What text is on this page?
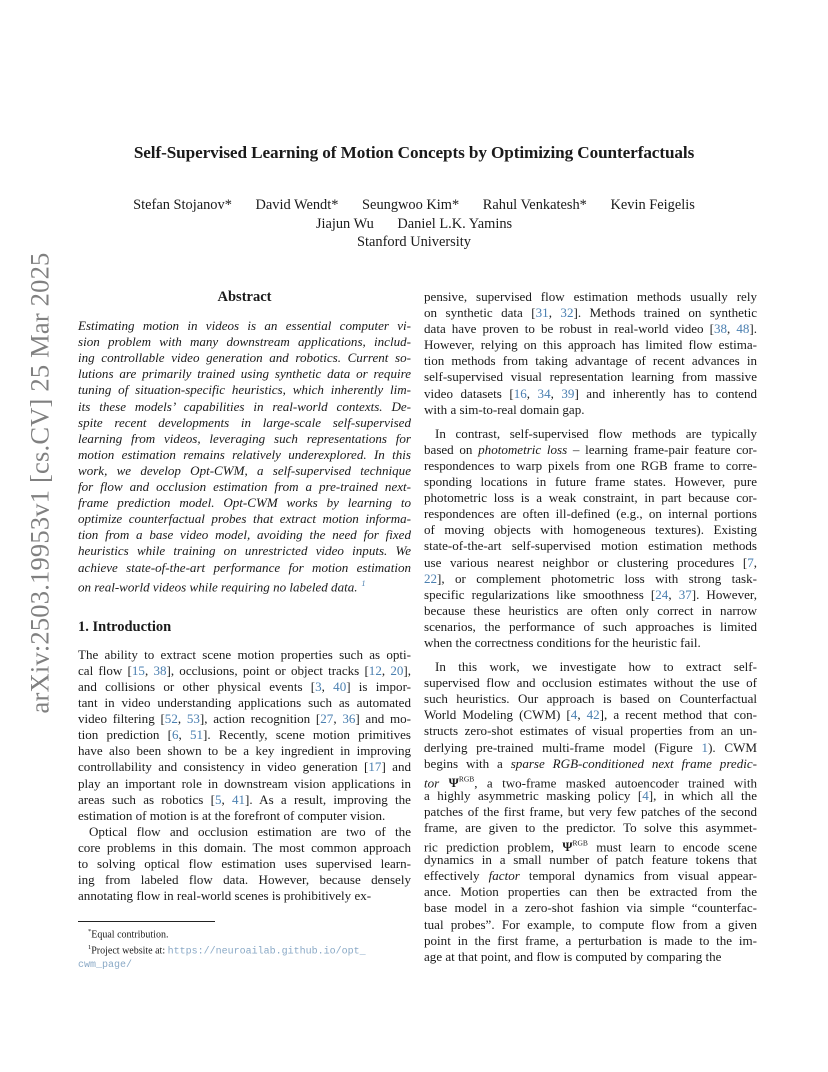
arXiv:2503.19953v1 [cs.CV] 25 Mar 2025
Self-Supervised Learning of Motion Concepts by Optimizing Counterfactuals
Stefan Stojanov* David Wendt* Seungwoo Kim* Rahul Venkatesh* Kevin Feigelis
Jiajun Wu Daniel L.K. Yamins
Stanford University
Abstract
Estimating motion in videos is an essential computer vi-
sion problem with many downstream applications, includ-
ing controllable video generation and robotics. Current so-
lutions are primarily trained using synthetic data or require
tuning of situation-specific heuristics, which inherently lim-
its these models’ capabilities in real-world contexts. De-
spite recent developments in large-scale self-supervised
learning from videos, leveraging such representations for
motion estimation remains relatively underexplored. In this
work, we develop Opt-CWM, a self-supervised technique
for flow and occlusion estimation from a pre-trained next-
frame prediction model. Opt-CWM works by learning to
optimize counterfactual probes that extract motion informa-
tion from a base video model, avoiding the need for fixed
heuristics while training on unrestricted video inputs. We
achieve state-of-the-art performance for motion estimation
on real-world videos while requiring no labeled data. $^1$
1. Introduction
The ability to extract scene motion properties such as opti-
cal flow [15, 38], occlusions, point or object tracks [12, 20],
and collisions or other physical events [3, 40] is impor-
tant in video understanding applications such as automated
video filtering [52, 53], action recognition [27, 36] and mo-
tion prediction [6, 51]. Recently, scene motion primitives
have also been shown to be a key ingredient in improving
controllability and consistency in video generation [17] and
play an important role in downstream vision applications in
areas such as robotics [5, 41]. As a result, improving the
estimation of motion is at the forefront of computer vision.
Optical flow and occlusion estimation are two of the
core problems in this domain. The most common approach
to solving optical flow estimation uses supervised learn-
ing from labeled flow data. However, because densely
annotating flow in real-world scenes is prohibitively ex-
pensive, supervised flow estimation methods usually rely
on synthetic data [31, 32]. Methods trained on synthetic
data have proven to be robust in real-world video [38, 48].
However, relying on this approach has limited flow estima-
tion methods from taking advantage of recent advances in
self-supervised visual representation learning from massive
video datasets [16, 34, 39] and inherently has to contend
with a sim-to-real domain gap.
In contrast, self-supervised flow methods are typically
based on photometric loss – learning frame-pair feature cor-
respondences to warp pixels from one RGB frame to corre-
sponding locations in future frame states. However, pure
photometric loss is a weak constraint, in part because cor-
respondences are often ill-defined (e.g., on internal portions
of moving objects with homogeneous textures). Existing
state-of-the-art self-supervised motion estimation methods
use various nearest neighbor or clustering procedures [7,
22], or complement photometric loss with strong task-
specific regularizations like smoothness [24, 37]. However,
because these heuristics are often only correct in narrow
scenarios, the performance of such approaches is limited
when the correctness conditions for the heuristic fail.
In this work, we investigate how to extract self-
supervised flow and occlusion estimates without the use of
such heuristics. Our approach is based on Counterfactual
World Modeling (CWM) [4, 42], a recent method that con-
structs zero-shot estimates of visual properties from an un-
derlying pre-trained multi-frame model (Figure 1). CWM
begins with a sparse RGB-conditioned next frame predic-
tor $\Psi^{RGB}$, a two-frame masked autoencoder trained with
a highly asymmetric masking policy [4], in which all the
patches of the first frame, but very few patches of the second
frame, are given to the predictor. To solve this asymmet-
ric prediction problem, $\Psi^{RGB}$ must learn to encode scene
dynamics in a small number of patch feature tokens that
effectively factor temporal dynamics from visual appear-
ance. Motion properties can then be extracted from the
base model in a zero-shot fashion via simple “counterfac-
tual probes”. For example, to compute flow from a given
point in the first frame, a perturbation is made to the im-
age at that point, and flow is computed by comparing the
*Equal contribution.
$^1$Project website at: https://neuroailab.github.io/opt_
cwm_page/
